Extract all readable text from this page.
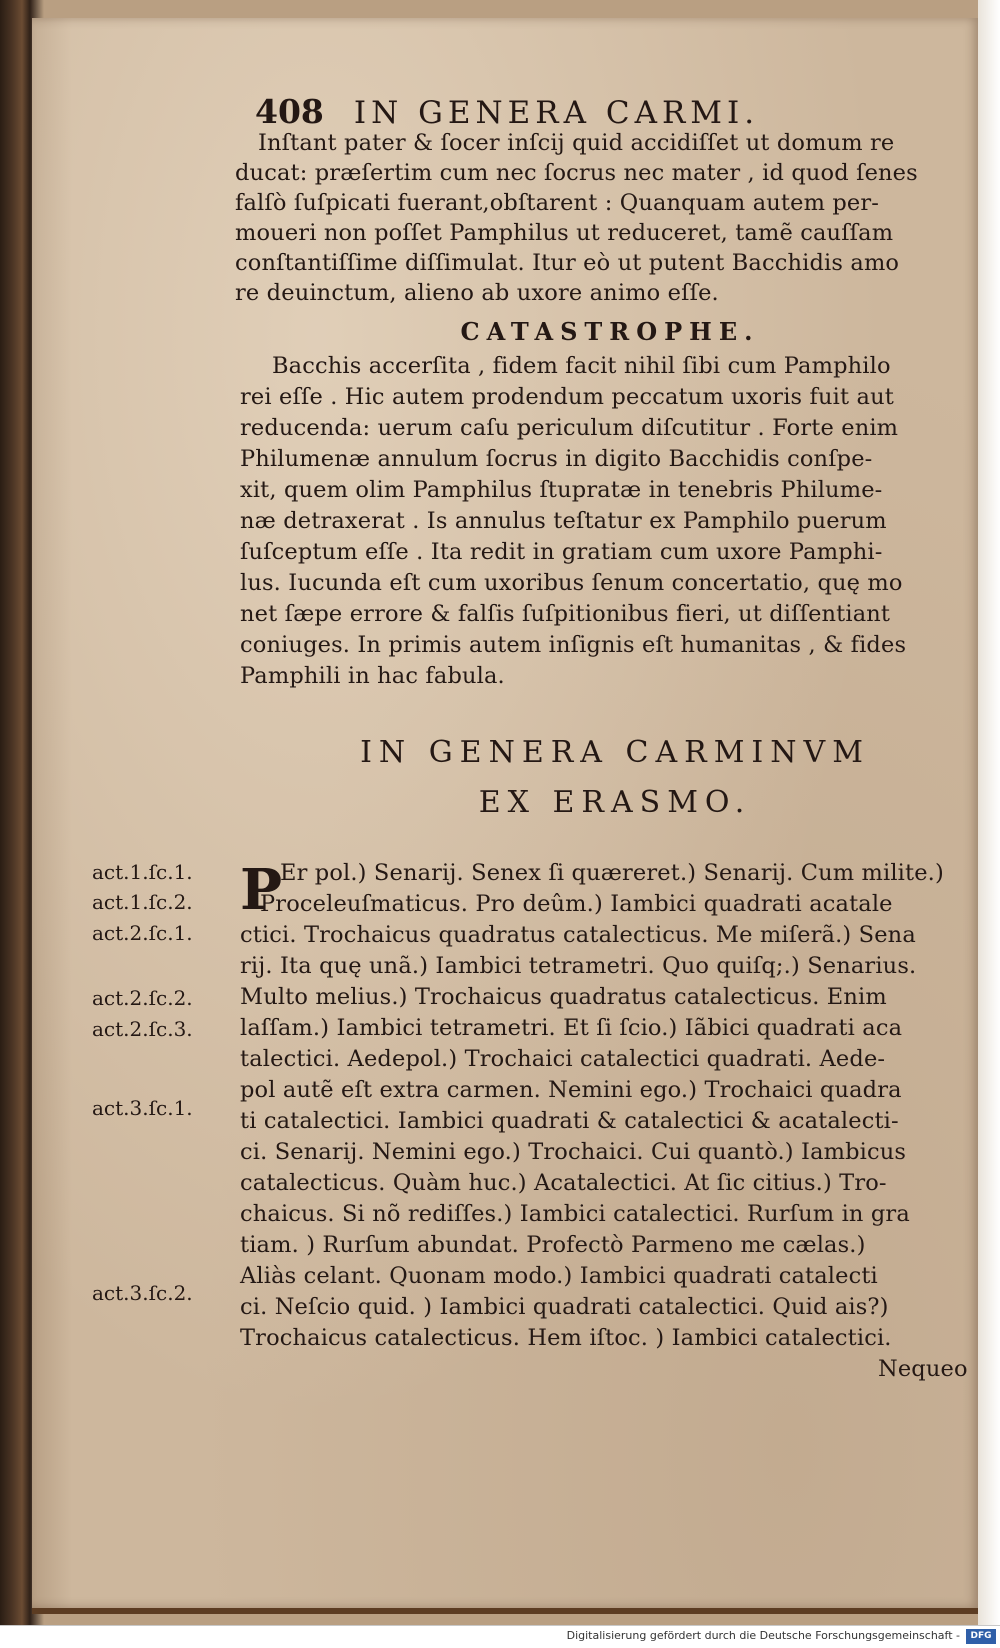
408 IN GENERA CARMI.
Inſtant pater & ſocer inſcij quid accidiſſet ut domum re
ducat: præſertim cum nec ſocrus nec mater , id quod ſenes
falſò ſuſpicati fuerant,obſtarent : Quanquam autem per-
moueri non poſſet Pamphilus ut reduceret, tamẽ cauſſam
conſtantiſſime diſſimulat. Itur eò ut putent Bacchidis amo
re deuinctum, alieno ab uxore animo eſſe.
CATASTROPHE.
Bacchis accerſita , fidem facit nihil ſibi cum Pamphilo
rei eſſe . Hic autem prodendum peccatum uxoris fuit aut
reducenda: uerum caſu periculum diſcutitur . Forte enim
Philumenæ annulum ſocrus in digito Bacchidis conſpe-
xit, quem olim Pamphilus ſtupratæ in tenebris Philume-
næ detraxerat . Is annulus teſtatur ex Pamphilo puerum
ſuſceptum eſſe . Ita redit in gratiam cum uxore Pamphi-
lus. Iucunda eſt cum uxoribus ſenum concertatio, quę mo
net ſæpe errore & falſis ſuſpitionibus fieri, ut diſſentiant
coniuges. In primis autem inſignis eſt humanitas , & fides
Pamphili in hac fabula.
IN GENERA CARMINVM
EX ERASMO.
act.1.ſc.1.
act.1.ſc.2.
act.2.ſc.1.
act.2.ſc.2.
act.2.ſc.3.
act.3.ſc.1.
act.3.ſc.2.
P
Er pol.) Senarij. Senex ſi quæreret.) Senarij. Cum milite.)
Proceleuſmaticus. Pro deûm.) Iambici quadrati acatale
ctici. Trochaicus quadratus catalecticus. Me miſerã.) Sena
rij. Ita quę unã.) Iambici tetrametri. Quo quiſq;.) Senarius.
Multo melius.) Trochaicus quadratus catalecticus. Enim
laſſam.) Iambici tetrametri. Et ſi ſcio.) Iãbici quadrati aca
talectici. Aedepol.) Trochaici catalectici quadrati. Aede-
pol autẽ eſt extra carmen. Nemini ego.) Trochaici quadra
ti catalectici. Iambici quadrati & catalectici & acatalecti-
ci. Senarij. Nemini ego.) Trochaici. Cui quantò.) Iambicus
catalecticus. Quàm huc.) Acatalectici. At ſic citius.) Tro-
chaicus. Si nõ rediſſes.) Iambici catalectici. Rurſum in gra
tiam. ) Rurſum abundat. Profectò Parmeno me cælas.)
Aliàs celant. Quonam modo.) Iambici quadrati catalecti
ci. Neſcio quid. ) Iambici quadrati catalectici. Quid ais?)
Trochaicus catalecticus. Hem iſtoc. ) Iambici catalectici.
Nequeo
Digitalisierung gefördert durch die Deutsche Forschungsgemeinschaft -	DFG
